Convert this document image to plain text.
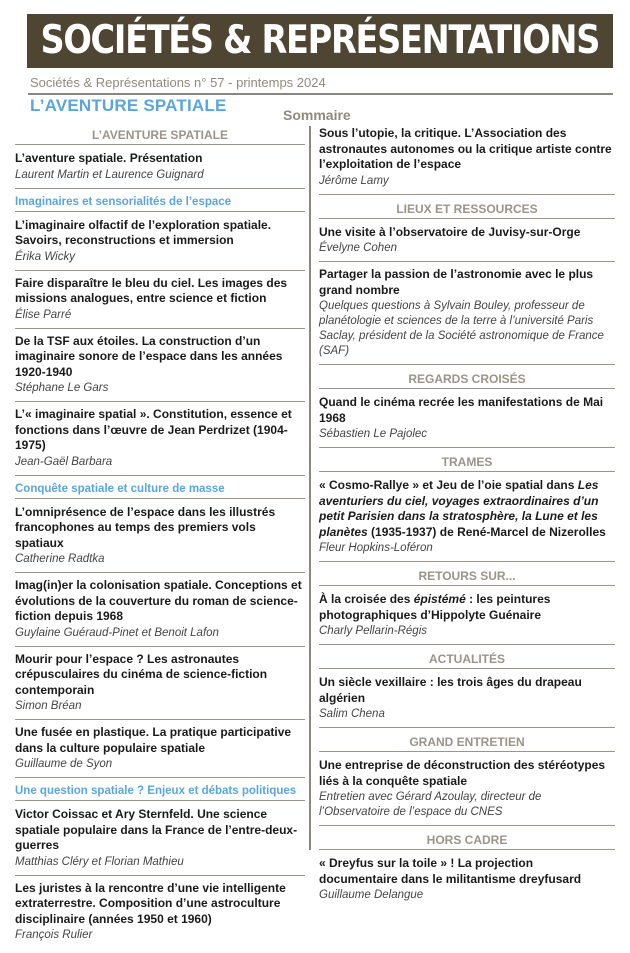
SOCIÉTÉS & REPRÉSENTATIONS
Sociétés & Représentations n° 57 - printemps 2024
L’AVENTURE SPATIALE	Sommaire
L’AVENTURE SPATIALE

L’aventure spatiale. Présentation

Laurent Martin et Laurence Guignard

Imaginaires et sensorialités de l’espace

L’imaginaire olfactif de l’exploration spatiale. Savoirs, reconstructions et immersion

Érika Wicky

Faire disparaître le bleu du ciel. Les images des missions analogues, entre science et fiction

Élise Parré

De la TSF aux étoiles. La construction d’un imaginaire sonore de l’espace dans les années 1920-1940

Stéphane Le Gars

L’« imaginaire spatial ». Constitution, essence et fonctions dans l’œuvre de Jean Perdrizet (1904-1975)

Jean-Gaël Barbara

Conquête spatiale et culture de masse

L’omniprésence de l’espace dans les illustrés francophones au temps des premiers vols spatiaux

Catherine Radtka

Imag(in)er la colonisation spatiale. Conceptions et évolutions de la couverture du roman de science-fiction depuis 1968

Guylaine Guéraud-Pinet et Benoit Lafon

Mourir pour l’espace ? Les astronautes crépusculaires du cinéma de science-fiction contemporain

Simon Bréan

Une fusée en plastique. La pratique participative dans la culture populaire spatiale

Guillaume de Syon

Une question spatiale ? Enjeux et débats politiques

Victor Coissac et Ary Sternfeld. Une science spatiale populaire dans la France de l’entre-deux-guerres

Matthias Cléry et Florian Mathieu

Les juristes à la rencontre d’une vie intelligente extraterrestre. Composition d’une astroculture disciplinaire (années 1950 et 1960)

François Rulier

Sous l’utopie, la critique. L’Association des astronautes autonomes ou la critique artiste contre l’exploitation de l’espace

Jérôme Lamy

LIEUX ET RESSOURCES

Une visite à l’observatoire de Juvisy-sur-Orge

Évelyne Cohen

Partager la passion de l’astronomie avec le plus grand nombre

Quelques questions à Sylvain Bouley, professeur de planétologie et sciences de la terre à l’université Paris Saclay, président de la Société astronomique de France (SAF)

REGARDS CROISÉS

Quand le cinéma recrée les manifestations de Mai 1968

Sébastien Le Pajolec

TRAMES

« Cosmo-Rallye » et Jeu de l’oie spatial dans Les aventuriers du ciel, voyages extraordinaires d’un petit Parisien dans la stratosphère, la Lune et les planètes (1935-1937) de René-Marcel de Nizerolles

Fleur Hopkins-Loféron

RETOURS SUR...

À la croisée des épistémé : les peintures photographiques d’Hippolyte Guénaire

Charly Pellarin-Régis

ACTUALITÉS

Un siècle vexillaire : les trois âges du drapeau algérien

Salim Chena

GRAND ENTRETIEN

Une entreprise de déconstruction des stéréotypes liés à la conquête spatiale

Entretien avec Gérard Azoulay, directeur de l’Observatoire de l’espace du CNES

HORS CADRE

« Dreyfus sur la toile » ! La projection documentaire dans le militantisme dreyfusard

Guillaume Delangue
